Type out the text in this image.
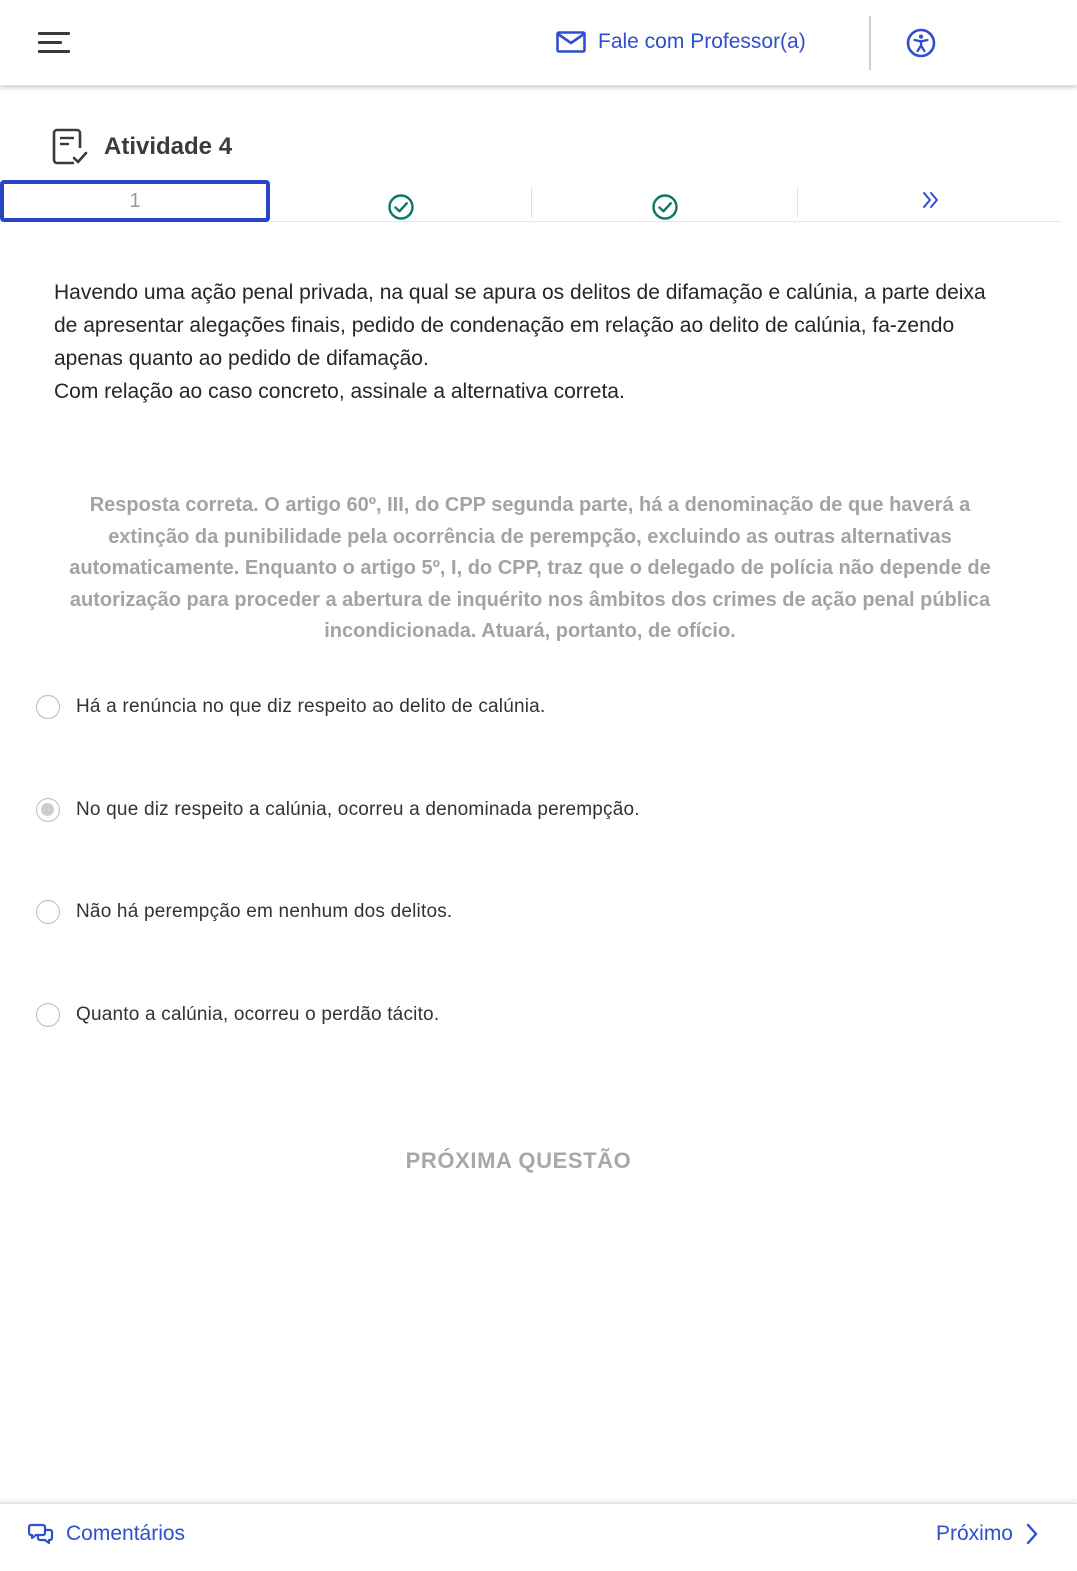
Fale com Professor(a)
Atividade 4
1

Havendo uma ação penal privada, na qual se apura os delitos de difamação e calúnia, a parte deixa de apresentar alegações finais, pedido de condenação em relação ao delito de calúnia, fa-zendo apenas quanto ao pedido de difamação.

Com relação ao caso concreto, assinale a alternativa correta.

Resposta correta. O artigo 60º, III, do CPP segunda parte, há a denominação de que haverá a extinção da punibilidade pela ocorrência de perempção, excluindo as outras alternativas automaticamente. Enquanto o artigo 5º, I, do CPP, traz que o delegado de polícia não depende de autorização para proceder a abertura de inquérito nos âmbitos dos crimes de ação penal pública incondicionada. Atuará, portanto, de ofício.
Há a renúncia no que diz respeito ao delito de calúnia.
No que diz respeito a calúnia, ocorreu a denominada perempção.
Não há perempção em nenhum dos delitos.
Quanto a calúnia, ocorreu o perdão tácito.
PRÓXIMA QUESTÃO
Comentários	Próximo
